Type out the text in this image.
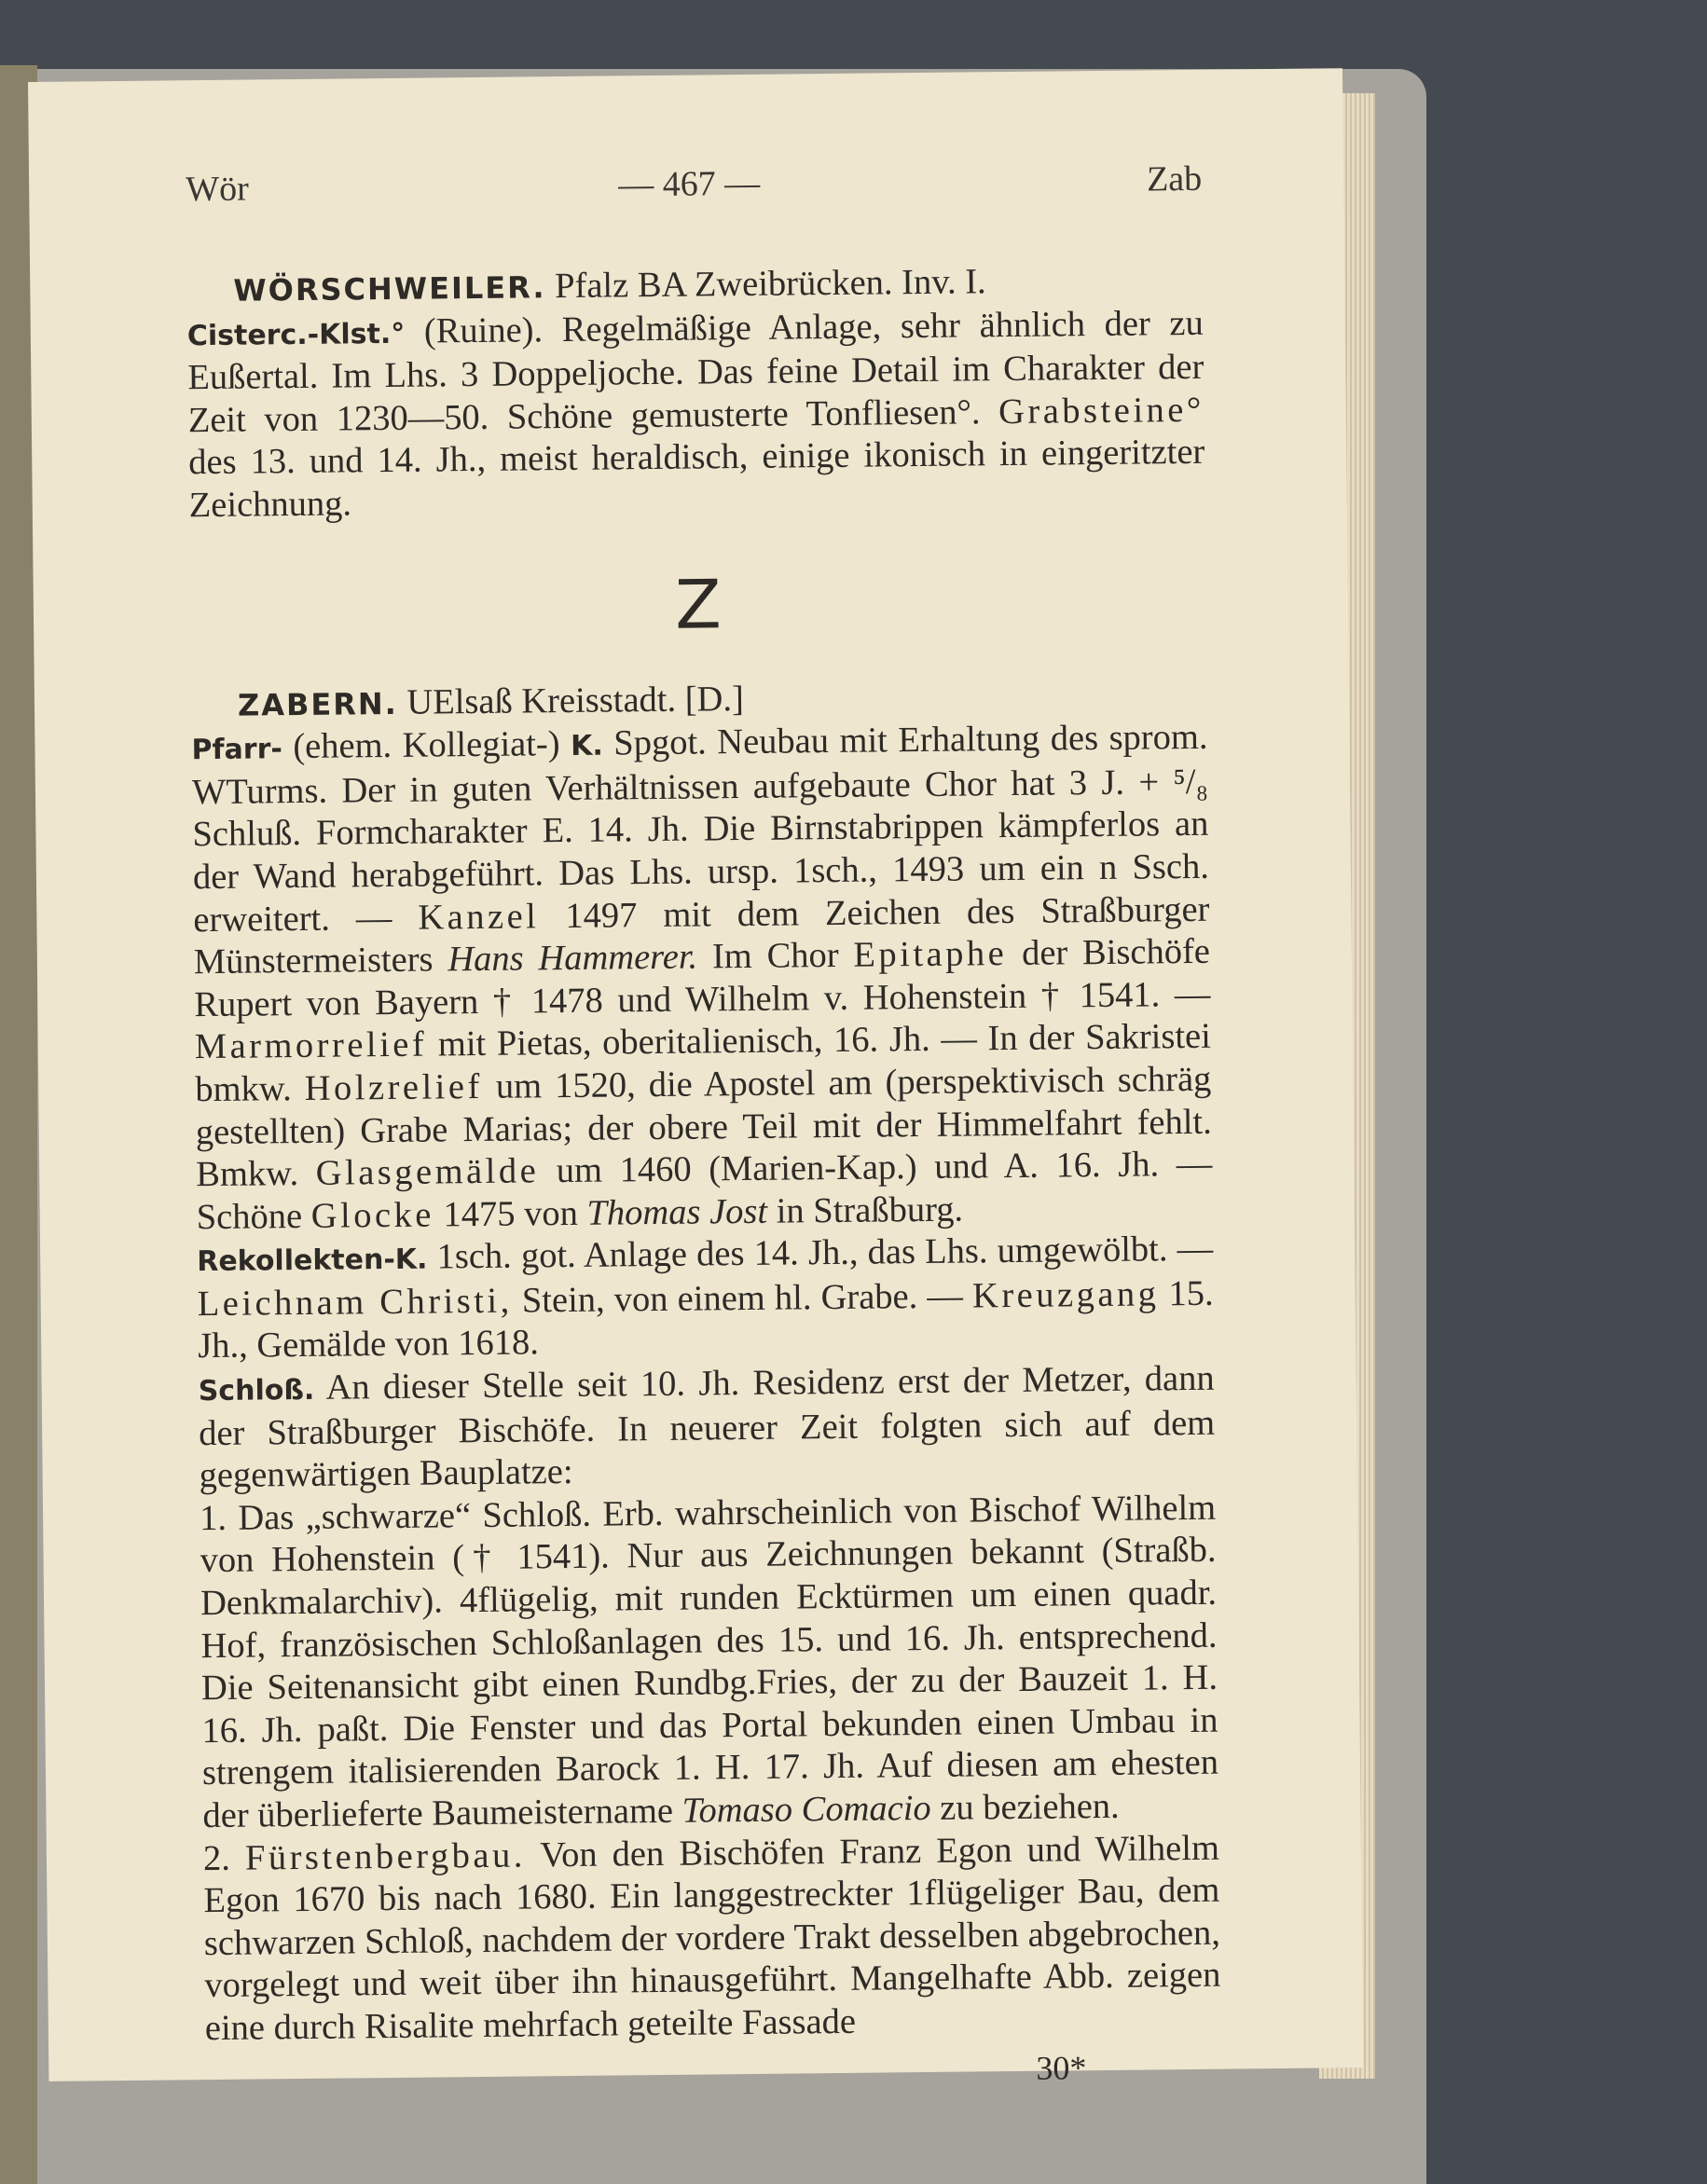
Wör	— 467 —	Zab

WÖRSCHWEILER. Pfalz BA Zweibrücken. Inv. I.

Cisterc.-Klst.° (Ruine). Regelmäßige Anlage, sehr ähnlich der zu Eußertal. Im Lhs. 3 Doppeljoche. Das feine Detail im Charakter der Zeit von 1230—50. Schöne gemusterte Tonfliesen°. Grabsteine° des 13. und 14. Jh., meist heraldisch, einige ikonisch in eingeritzter Zeichnung.

Z

ZABERN. UElsaß Kreisstadt. [D.]

Pfarr- (ehem. Kollegiat-) K. Spgot. Neubau mit Erhaltung des sprom. WTurms. Der in guten Verhältnissen aufgebaute Chor hat 3 J. + ⁵/₈ Schluß. Formcharakter E. 14. Jh. Die Birnstabrippen kämpferlos an der Wand herabgeführt. Das Lhs. ursp. 1sch., 1493 um ein n Ssch. erweitert. — Kanzel 1497 mit dem Zeichen des Straßburger Münstermeisters Hans Hammerer. Im Chor Epitaphe der Bischöfe Rupert von Bayern † 1478 und Wilhelm v. Hohenstein † 1541. — Marmorrelief mit Pietas, oberitalienisch, 16. Jh. — In der Sakristei bmkw. Holzrelief um 1520, die Apostel am (perspektivisch schräg gestellten) Grabe Marias; der obere Teil mit der Himmelfahrt fehlt. Bmkw. Glasgemälde um 1460 (Marien-Kap.) und A. 16. Jh. — Schöne Glocke 1475 von Thomas Jost in Straßburg.

Rekollekten-K. 1sch. got. Anlage des 14. Jh., das Lhs. umgewölbt. — Leichnam Christi, Stein, von einem hl. Grabe. — Kreuzgang 15. Jh., Gemälde von 1618.

Schloß. An dieser Stelle seit 10. Jh. Residenz erst der Metzer, dann der Straßburger Bischöfe. In neuerer Zeit folgten sich auf dem gegenwärtigen Bauplatze:

1. Das „schwarze“ Schloß. Erb. wahrscheinlich von Bischof Wilhelm von Hohenstein († 1541). Nur aus Zeichnungen bekannt (Straßb. Denkmalarchiv). 4flügelig, mit runden Ecktürmen um einen quadr. Hof, französischen Schloßanlagen des 15. und 16. Jh. entsprechend. Die Seitenansicht gibt einen Rundbg.Fries, der zu der Bauzeit 1. H. 16. Jh. paßt. Die Fenster und das Portal bekunden einen Umbau in strengem italisierenden Barock 1. H. 17. Jh. Auf diesen am ehesten der überlieferte Baumeistername Tomaso Comacio zu beziehen.

2. Fürstenbergbau. Von den Bischöfen Franz Egon und Wilhelm Egon 1670 bis nach 1680. Ein langgestreckter 1flügeliger Bau, dem schwarzen Schloß, nachdem der vordere Trakt desselben abgebrochen, vorgelegt und weit über ihn hinausgeführt. Mangelhafte Abb. zeigen eine durch Risalite mehrfach geteilte Fassade

30*
